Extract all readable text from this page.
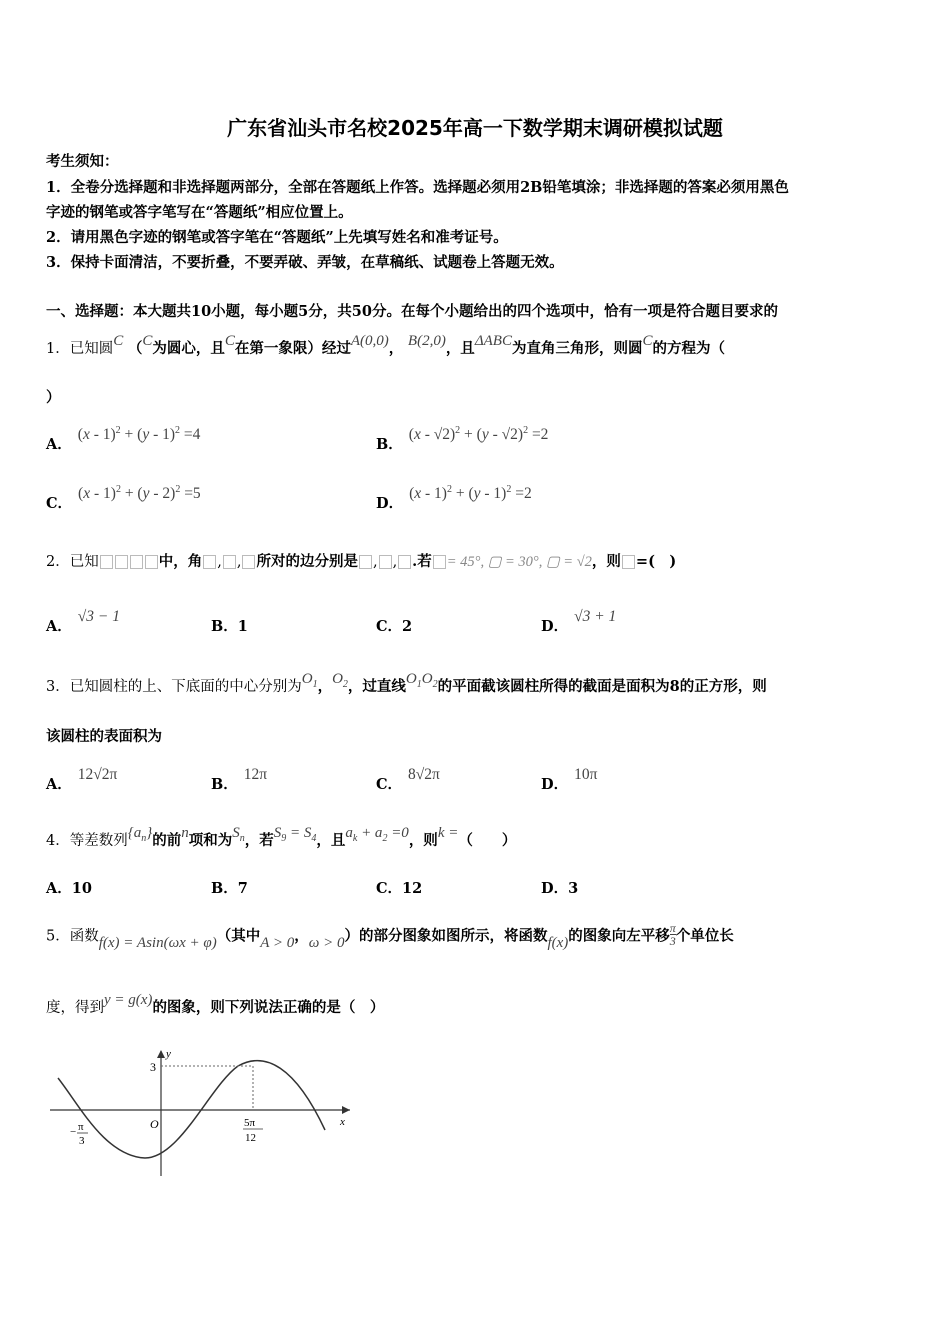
广东省汕头市名校2025年高一下数学期末调研模拟试题
考生须知：
1．全卷分选择题和非选择题两部分，全部在答题纸上作答。选择题必须用2B铅笔填涂；非选择题的答案必须用黑色
字迹的钢笔或答字笔写在“答题纸”相应位置上。
2．请用黑色字迹的钢笔或答字笔在“答题纸”上先填写姓名和准考证号。
3．保持卡面清洁，不要折叠，不要弄破、弄皱，在草稿纸、试题卷上答题无效。
一、选择题：本大题共10小题，每小题5分，共50分。在每个小题给出的四个选项中，恰有一项是符合题目要求的
1．已知圆C （C为圆心，且C在第一象限）经过A(0,0)， B(2,0)，且ΔABC为直角三角形，则圆C的方程为（
）
A．(x - 1)$^2$ + (y - 1)$^2$ =4
B．(x - √2)$^2$ + (y - √2)$^2$ =2
C．(x - 1)$^2$ + (y - 2)$^2$ =5
D．(x - 1)$^2$ + (y - 1)$^2$ =2
2．已知	中，角 , , 所对的边分别是 , , .若 = 45°, ▢ = 30°, ▢ = √2，则 =(　)
A．√3 − 1
B．1	C．2	D．√3 + 1
3．已知圆柱的上、下底面的中心分别为$O_1$，$O_2$，过直线$O_1O_2$的平面截该圆柱所得的截面是面积为8的正方形，则
该圆柱的表面积为
A．12√2π
B．12π
C．8√2π
D．10π
4．等差数列$\{a_n\}$的前n项和为$S_n$，若$S_9 = S_4$，且$a_k + a_2 =0$，则k =（　　）
A．10	B．7	C．12	D．3
5．函数f(x) = Asin(ωx + φ)（其中A > 0，ω > 0）的部分图象如图所示，将函数f(x)的图象向左平移$\frac{\pi}{3}$个单位长
度，得到y = g(x)的图象，则下列说法正确的是（　）
3
y
x
O
− π
3
5π
12
